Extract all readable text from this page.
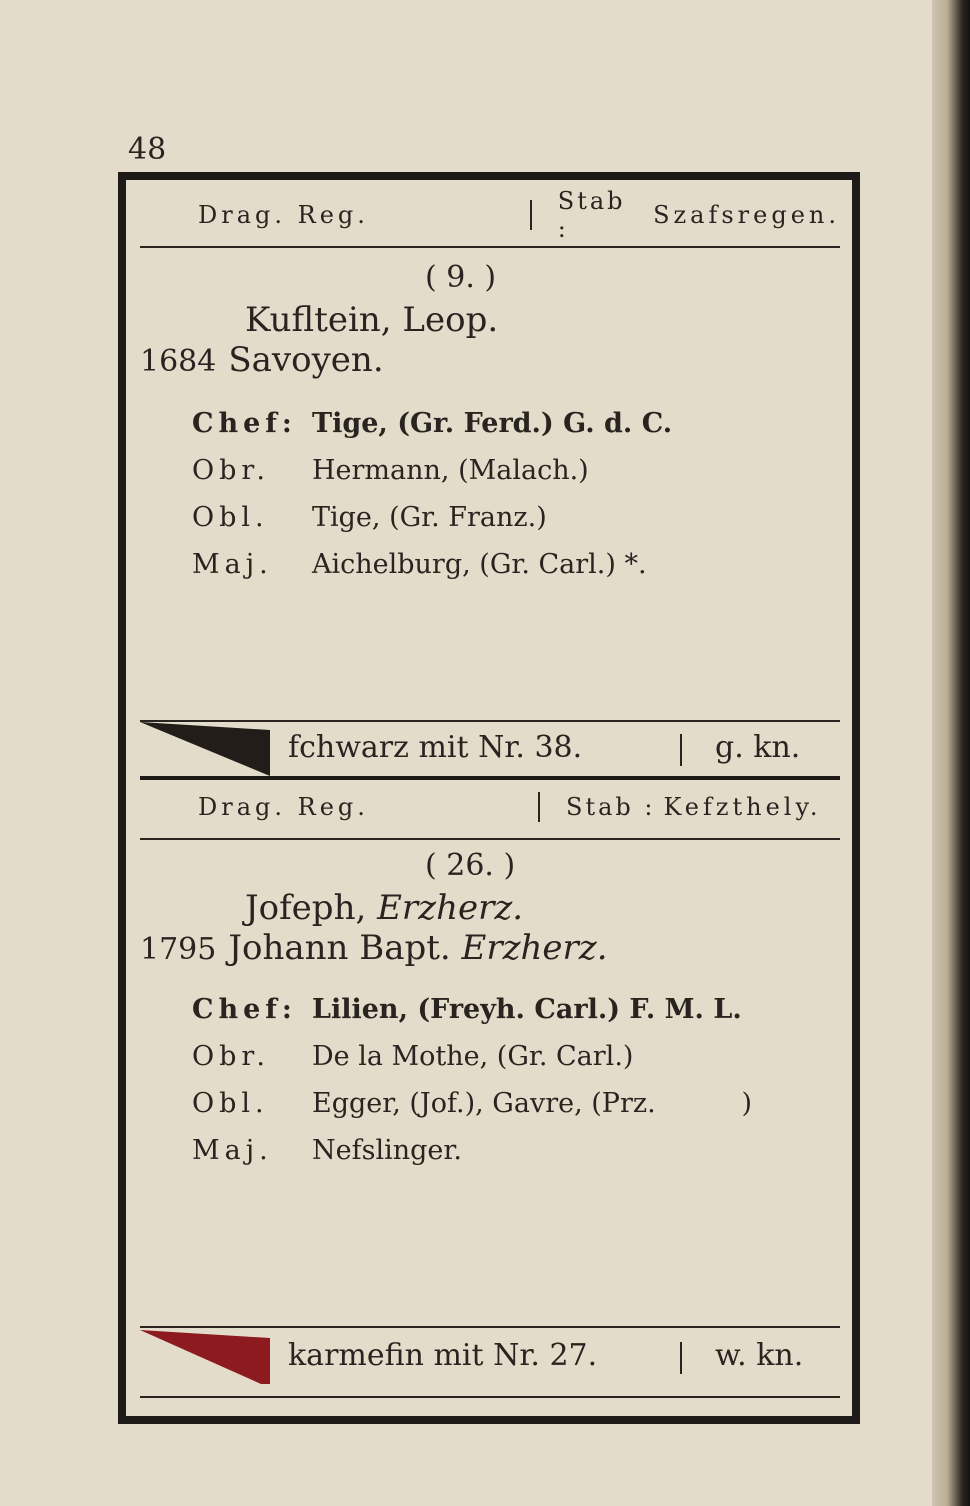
48
Drag. Reg.	Stab :	Szafsregen.
( 9. )
Kufltein, Leop.
1684 Savoyen.
Chef: Tige, (Gr. Ferd.) G. d. C.
Obr.	Hermann, (Malach.)
Obl.	Tige, (Gr. Franz.)
Maj.	Aichelburg, (Gr. Carl.) *.
fchwarz mit Nr. 38.	g. kn.
Drag. Reg.	Stab : Kefzthely.
( 26. )
Jofeph, Erzherz.
1795 Johann Bapt. Erzherz.
Chef: Lilien, (Freyh. Carl.) F. M. L.
Obr.	De la Mothe, (Gr. Carl.)
Obl.	Egger, (Jof.), Gavre, (Prz.          )
Maj.	Nefslinger.
karmefin mit Nr. 27.	w. kn.
